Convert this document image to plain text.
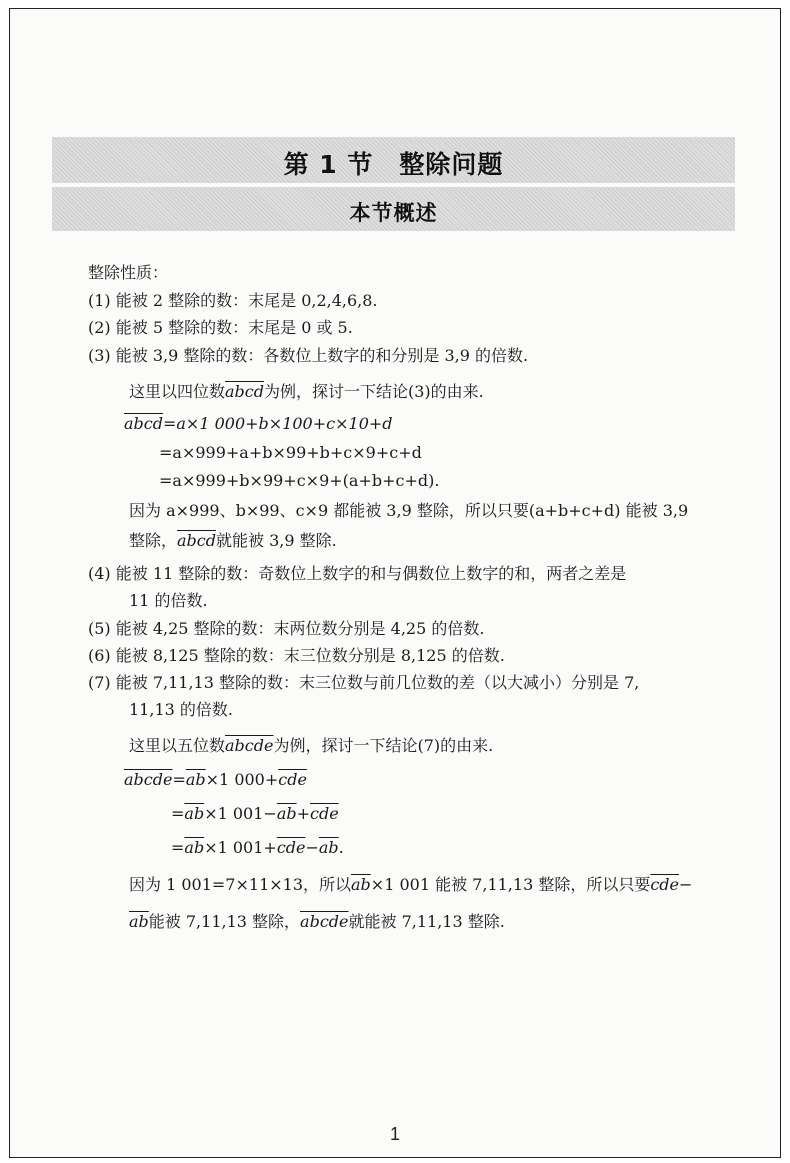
第 1 节　整除问题
本节概述
整除性质：
(1) 能被 2 整除的数：末尾是 0,2,4,6,8.
(2) 能被 5 整除的数：末尾是 0 或 5.
(3) 能被 3,9 整除的数：各数位上数字的和分别是 3,9 的倍数.
这里以四位数abcd为例，探讨一下结论(3)的由来.
abcd=a×1 000+b×100+c×10+d
=a×999+a+b×99+b+c×9+c+d
=a×999+b×99+c×9+(a+b+c+d).
因为 a×999、b×99、c×9 都能被 3,9 整除，所以只要(a+b+c+d) 能被 3,9
整除，abcd就能被 3,9 整除.
(4) 能被 11 整除的数：奇数位上数字的和与偶数位上数字的和，两者之差是
11 的倍数.
(5) 能被 4,25 整除的数：末两位数分别是 4,25 的倍数.
(6) 能被 8,125 整除的数：末三位数分别是 8,125 的倍数.
(7) 能被 7,11,13 整除的数：末三位数与前几位数的差（以大减小）分别是 7,
11,13 的倍数.
这里以五位数abcde为例，探讨一下结论(7)的由来.
$abcde=\overline{ab}\times 1$ $000+\overline{cde}$
$=\overline{ab}\times 1$ $001-\overline{ab}+\overline{cde}$
$=\overline{ab}\times 1$ $001+\overline{cde}-\overline{ab}$.
因为 1 001=7×11×13，所以$\overline{ab}\times 1$ 001 能被 7,11,13 整除，所以只要$\overline{cde}-$
$\overline{ab}$能被 7,11,13 整除，abcde就能被 7,11,13 整除.
1
